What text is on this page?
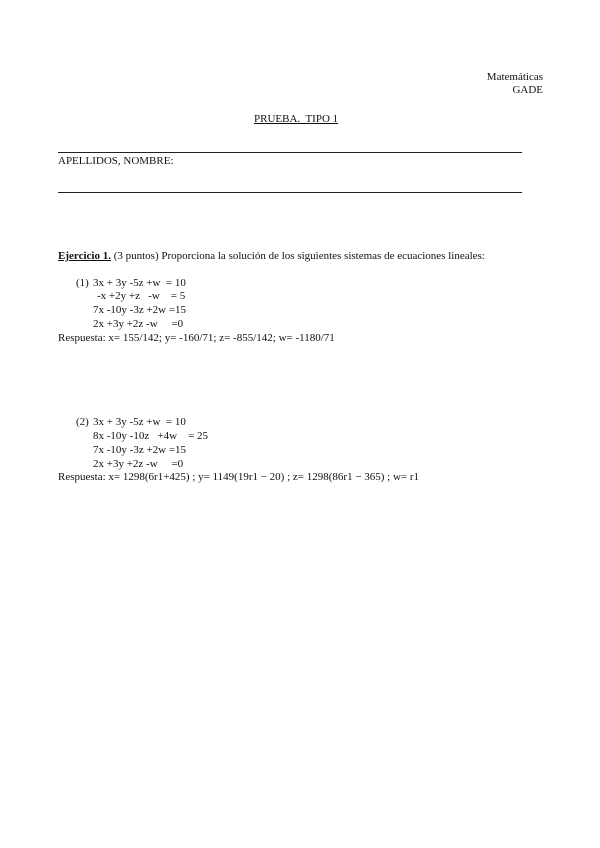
Matemáticas
GADE
PRUEBA.  TIPO 1
APELLIDOS, NOMBRE:
Ejercicio 1. (3 puntos) Proporciona la solución de los siguientes sistemas de ecuaciones lineales:
(1) 3x + 3y -5z +w  = 10
-x +2y +z   -w    = 5
7x -10y -3z +2w =15
2x +3y +2z -w     =0
Respuesta: x= 155/142; y= -160/71; z= -855/142; w= -1180/71
(2) 3x + 3y -5z +w  = 10
8x -10y -10z   +4w    = 25
7x -10y -3z +2w =15
2x +3y +2z -w     =0
Respuesta: x= 1298(6r1+425) ; y= 1149(19r1 − 20) ; z= 1298(86r1 − 365) ; w= r1
